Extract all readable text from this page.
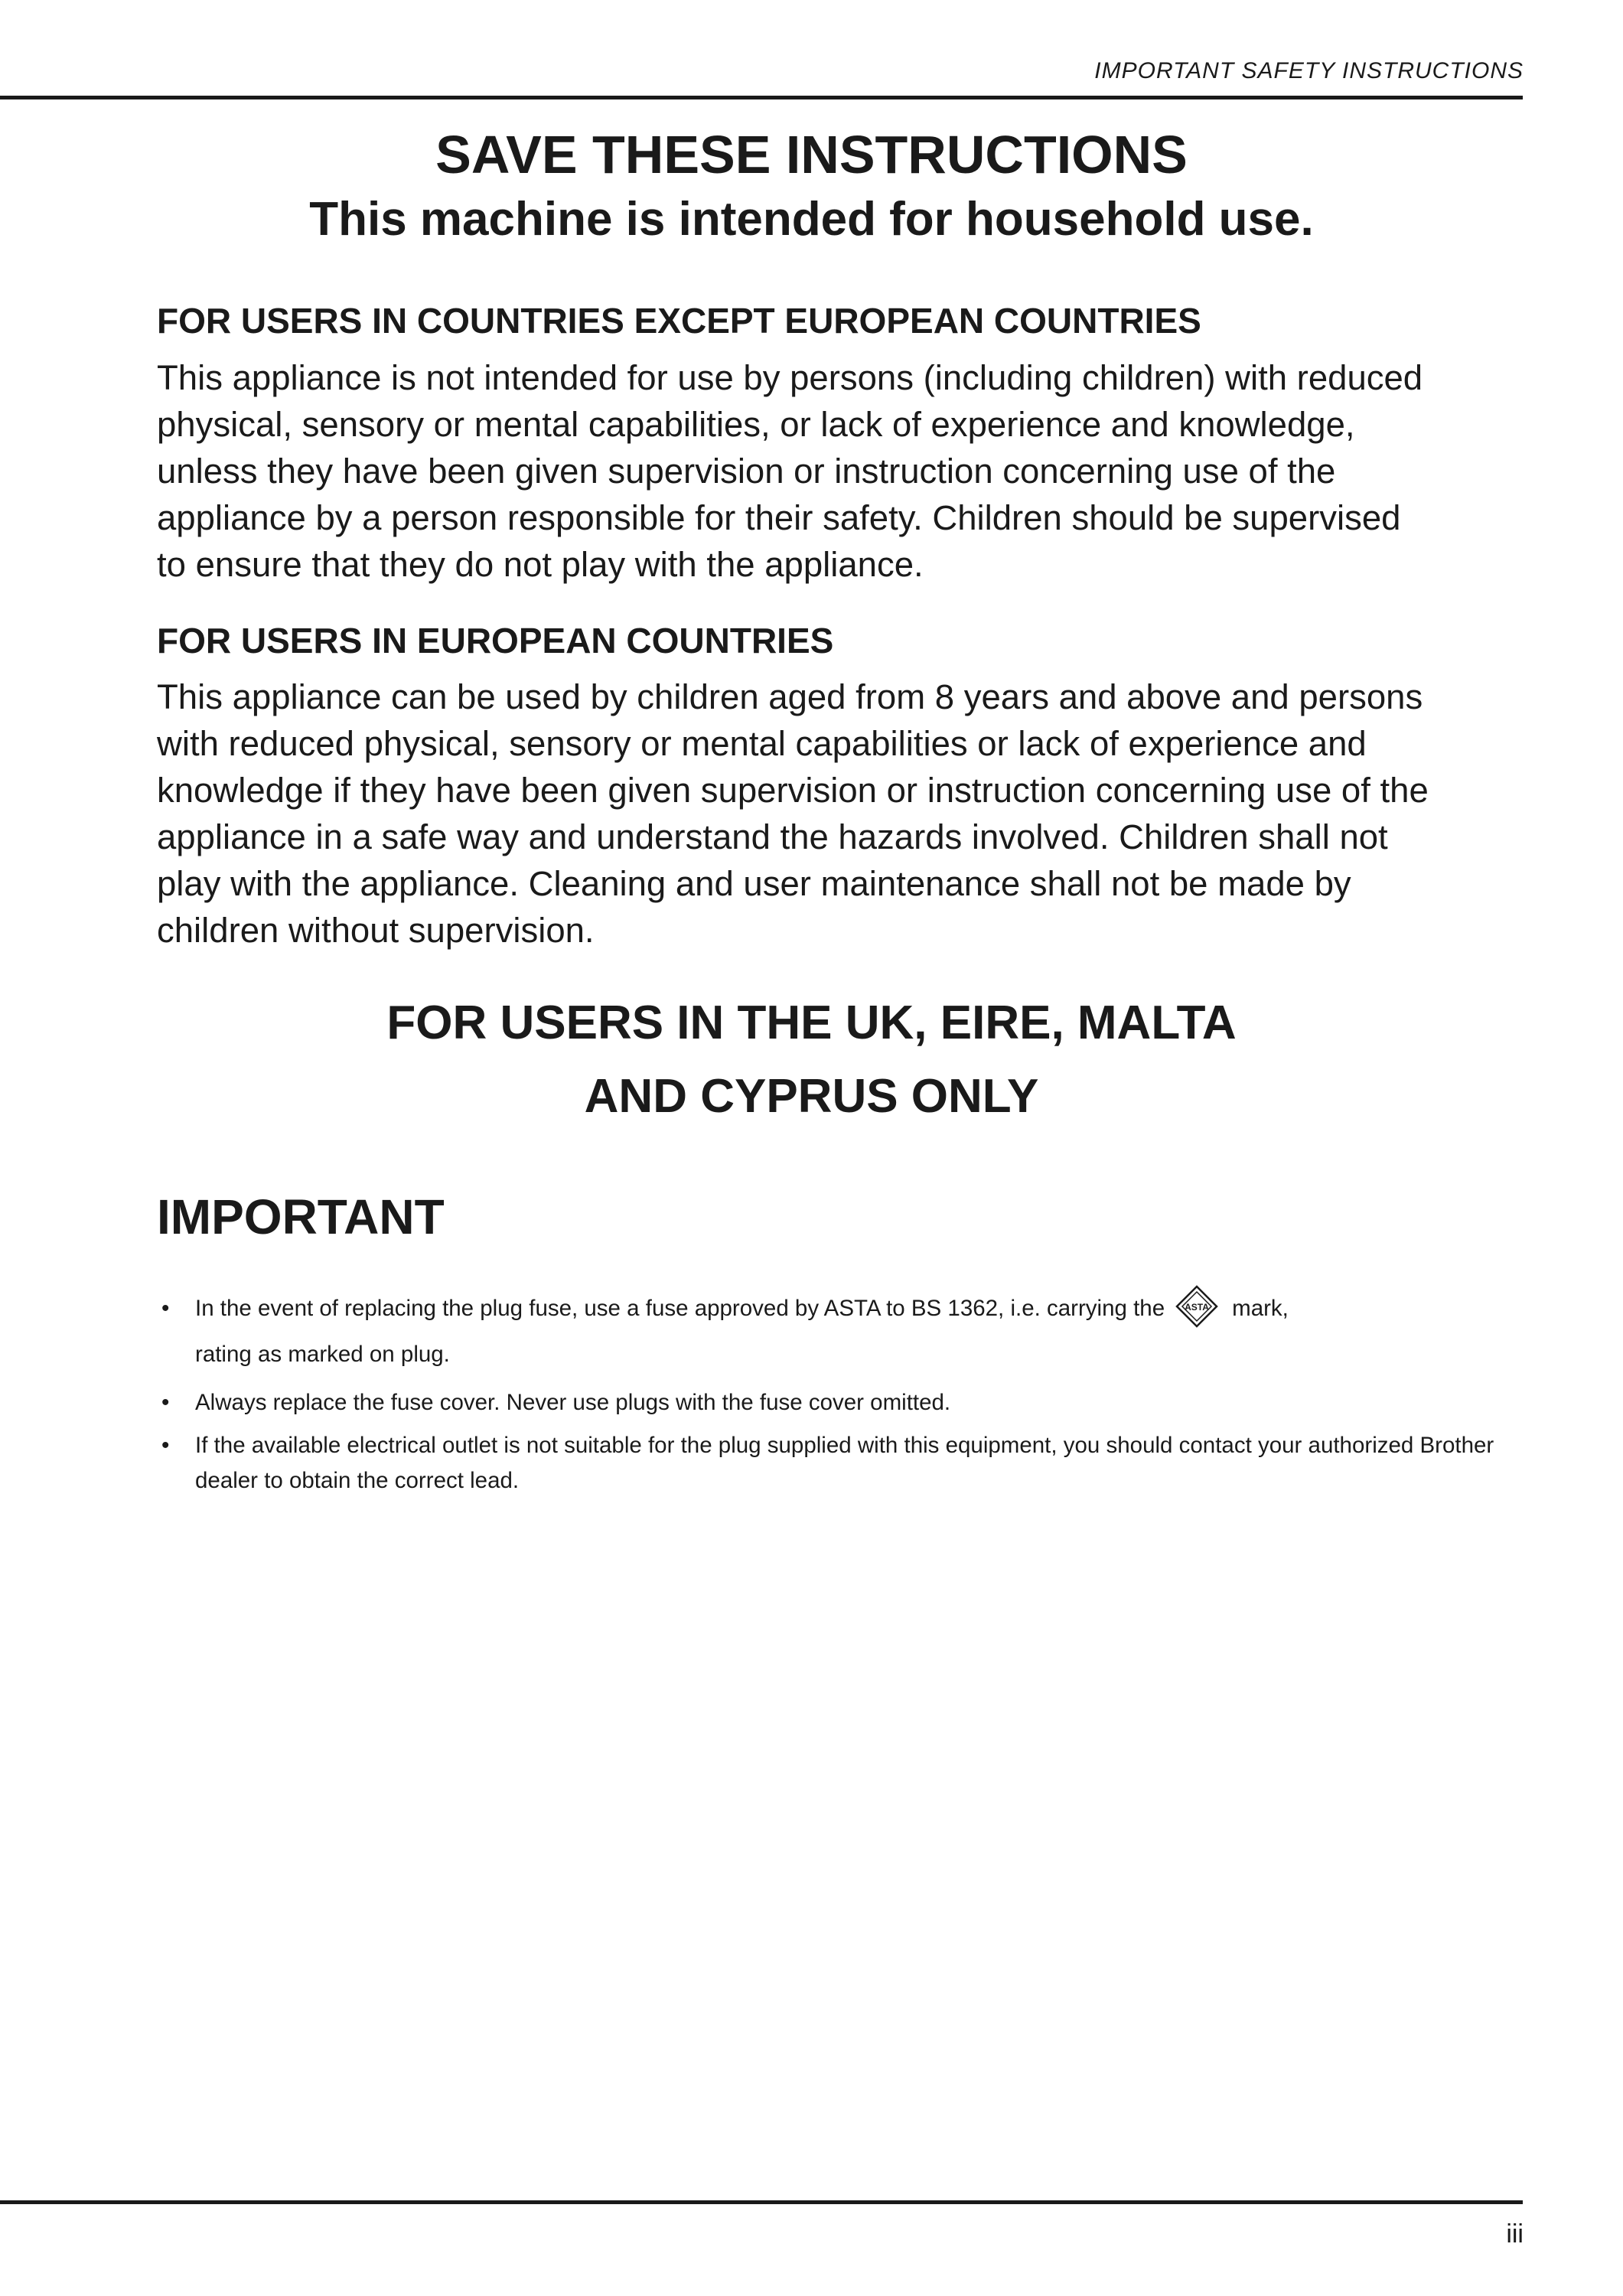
IMPORTANT SAFETY INSTRUCTIONS
SAVE THESE INSTRUCTIONS
This machine is intended for household use.
FOR USERS IN COUNTRIES EXCEPT EUROPEAN COUNTRIES
This appliance is not intended for use by persons (including children) with reduced
physical, sensory or mental capabilities, or lack of experience and knowledge,
unless they have been given supervision or instruction concerning use of the
appliance by a person responsible for their safety. Children should be supervised
to ensure that they do not play with the appliance.
FOR USERS IN EUROPEAN COUNTRIES
This appliance can be used by children aged from 8 years and above and persons
with reduced physical, sensory or mental capabilities or lack of experience and
knowledge if they have been given supervision or instruction concerning use of the
appliance in a safe way and understand the hazards involved. Children shall not
play with the appliance. Cleaning and user maintenance shall not be made by
children without supervision.
FOR USERS IN THE UK, EIRE, MALTA
AND CYPRUS ONLY
IMPORTANT
• In the event of replacing the plug fuse, use a fuse approved by ASTA to BS 1362, i.e. carrying the ASTA mark,
rating as marked on plug.
• Always replace the fuse cover. Never use plugs with the fuse cover omitted.
• If the available electrical outlet is not suitable for the plug supplied with this equipment, you should contact your authorized Brother dealer to obtain the correct lead.
iii
